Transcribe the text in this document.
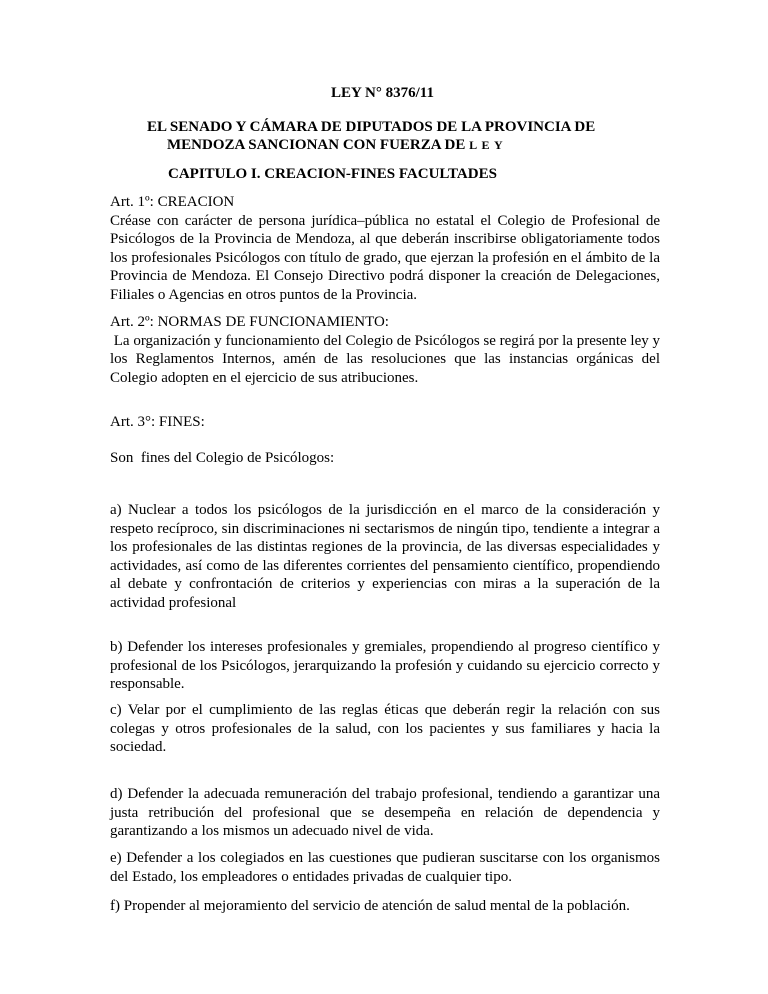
LEY N° 8376/11
EL SENADO Y CÁMARA DE DIPUTADOS DE LA PROVINCIA DE
MENDOZA SANCIONAN CON FUERZA DE L E Y
CAPITULO I. CREACION-FINES FACULTADES
Art. 1º: CREACION

Créase con carácter de persona jurídica–pública no estatal el Colegio de Profesional de Psicólogos de la Provincia de Mendoza, al que deberán inscribirse obligatoriamente todos los profesionales Psicólogos con título de grado, que ejerzan la profesión en el ámbito de la Provincia de Mendoza. El Consejo Directivo podrá disponer la creación de Delegaciones, Filiales o Agencias en otros puntos de la Provincia.

Art. 2º: NORMAS DE FUNCIONAMIENTO:

La organización y funcionamiento del Colegio de Psicólogos se regirá por la presente ley y los Reglamentos Internos, amén de las resoluciones que las instancias orgánicas del Colegio adopten en el ejercicio de sus atribuciones.

Art. 3°: FINES:
Son  fines del Colegio de Psicólogos:

a) Nuclear a todos los psicólogos de la jurisdicción en el marco de la consideración y respeto recíproco, sin discriminaciones ni sectarismos de ningún tipo, tendiente a integrar a los profesionales de las distintas regiones de la provincia, de las diversas especialidades y actividades, así como de las diferentes corrientes del pensamiento científico, propendiendo al debate y confrontación de criterios y experiencias con miras a la superación de la actividad profesional

b) Defender los intereses profesionales y gremiales, propendiendo al progreso científico y profesional de los Psicólogos, jerarquizando la profesión y cuidando su ejercicio correcto y responsable.

c) Velar por el cumplimiento de las reglas éticas que deberán regir la relación con sus colegas y otros profesionales de la salud, con los pacientes y sus familiares y hacia la sociedad.

d) Defender la adecuada remuneración del trabajo profesional, tendiendo a garantizar una justa retribución del profesional que se desempeña en relación de dependencia y garantizando a los mismos un adecuado nivel de vida.

e) Defender a los colegiados en las cuestiones que pudieran suscitarse con los organismos del Estado, los empleadores o entidades privadas de cualquier tipo.

f) Propender al mejoramiento del servicio de atención de salud mental de la población.
